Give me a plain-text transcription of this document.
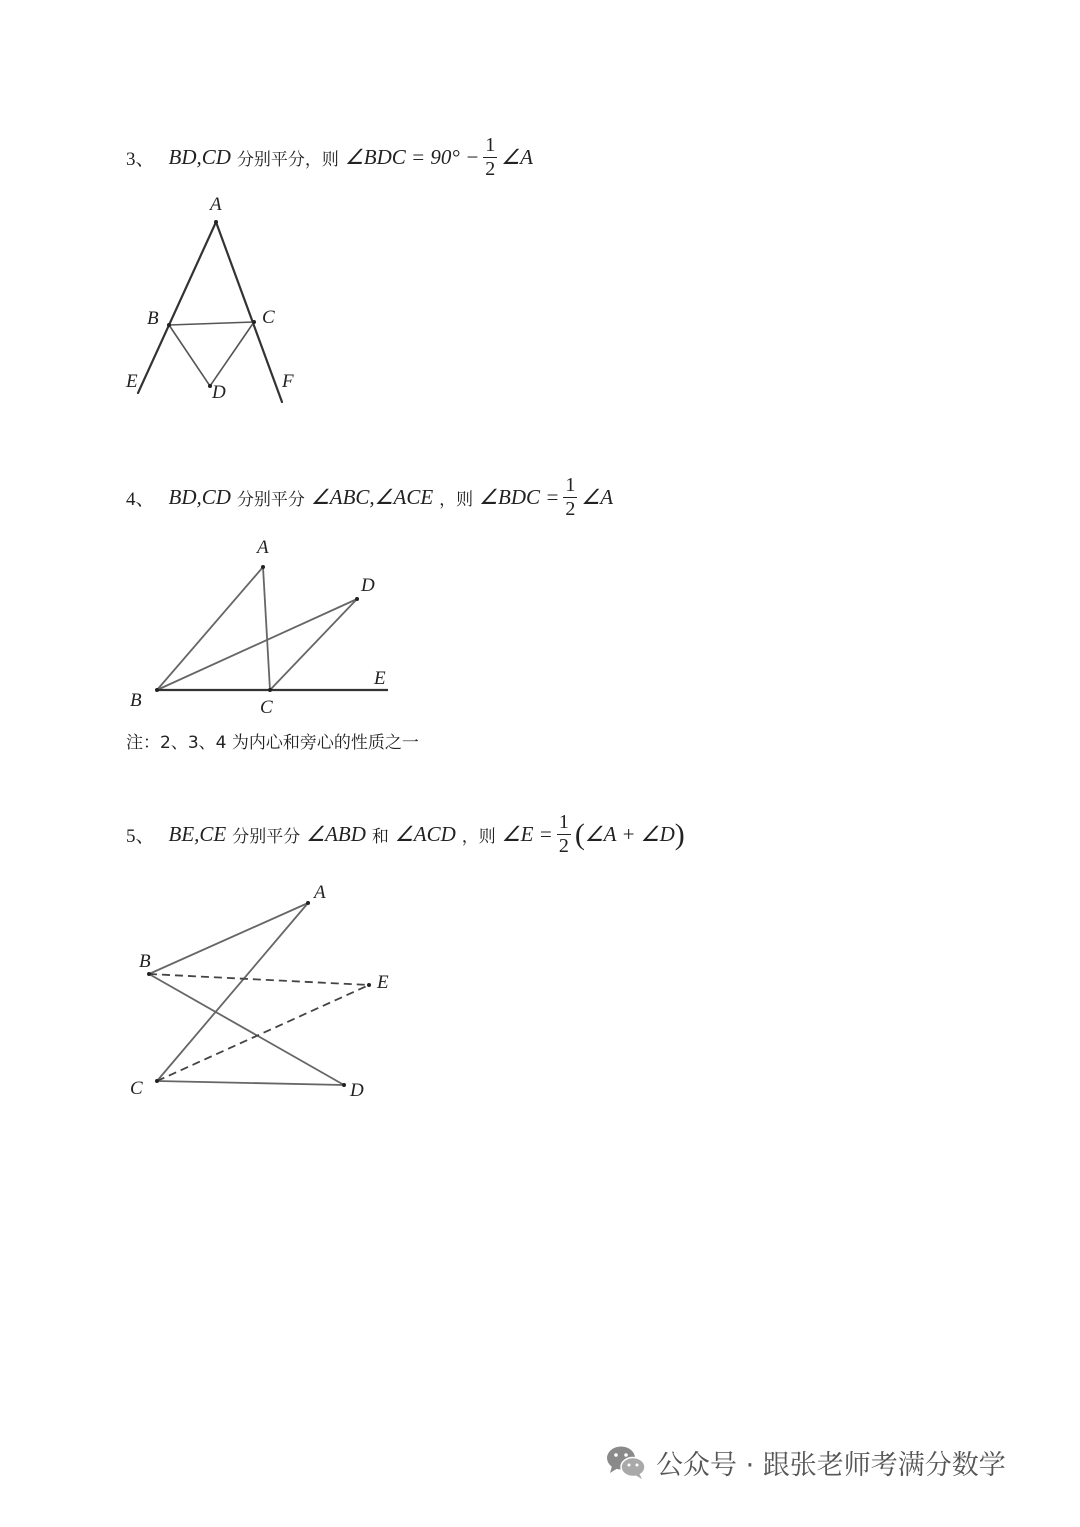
3、 BD,CD 分别平分，则 ∠BDC = $90^\circ - \frac{1}{2}$ ∠A
A
B	C
D
E	F
4、 BD,CD 分别平分 ∠ABC,∠ACE ，则 ∠BDC = $\frac{1}{2}$ ∠A
A
B	C
D
E
注：2、3、4 为内心和旁心的性质之一
5、 BE,CE 分别平分 ∠ABD 和 ∠ACD ，则 ∠E = $\frac{1}{2}$ ( ∠A + ∠D )
A
B
C	D
E
公众号 · 跟张老师考满分数学
